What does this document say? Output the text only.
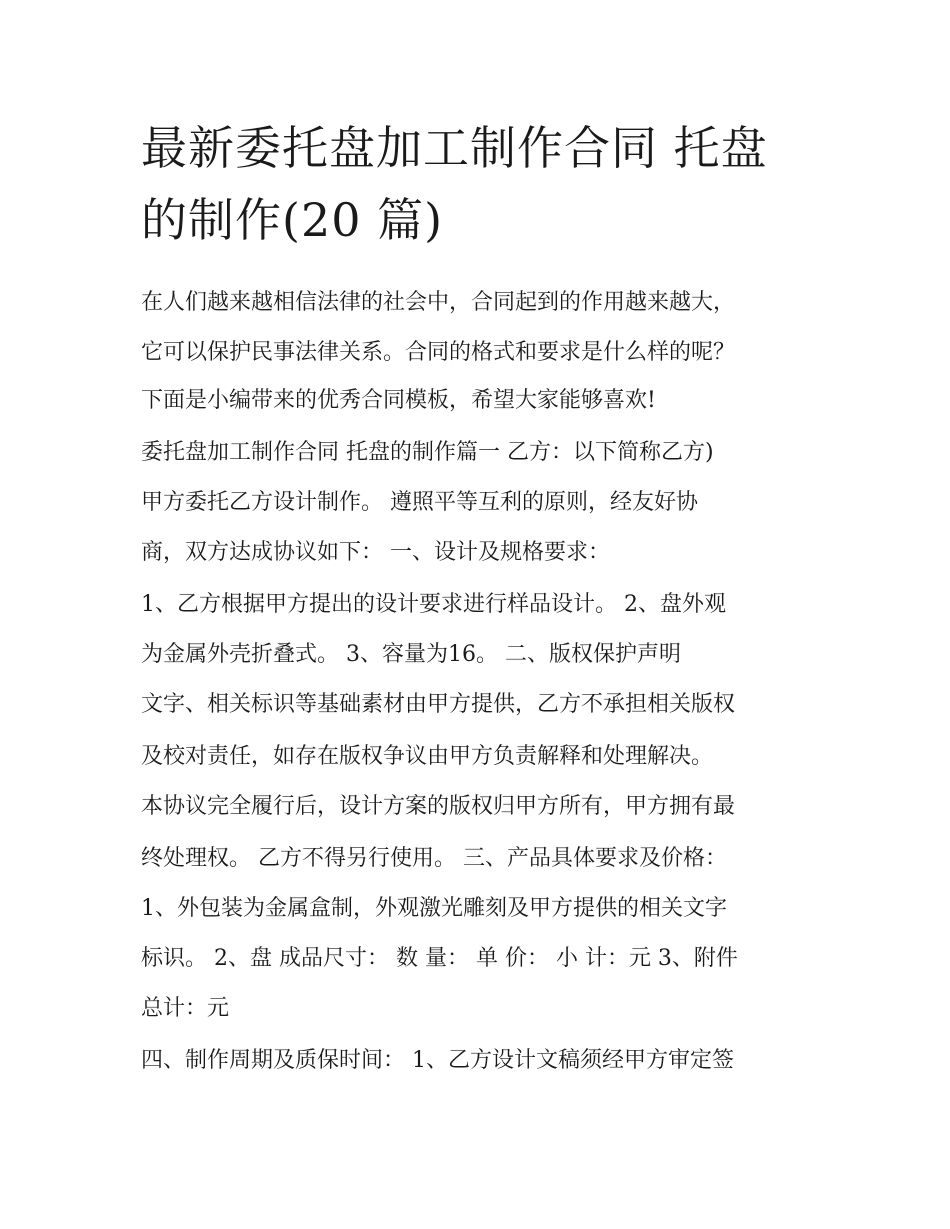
最新委托盘加工制作合同 托盘
的制作(20 篇)
在人们越来越相信法律的社会中，合同起到的作用越来越大，
它可以保护民事法律关系。合同的格式和要求是什么样的呢？
下面是小编带来的优秀合同模板，希望大家能够喜欢!
委托盘加工制作合同 托盘的制作篇一 乙方：以下简称乙方)
甲方委托乙方设计制作。 遵照平等互利的原则，经友好协
商，双方达成协议如下： 一、设计及规格要求：
1、乙方根据甲方提出的设计要求进行样品设计。 2、盘外观
为金属外壳折叠式。 3、容量为16。 二、版权保护声明
文字、相关标识等基础素材由甲方提供，乙方不承担相关版权
及校对责任，如存在版权争议由甲方负责解释和处理解决。
本协议完全履行后，设计方案的版权归甲方所有，甲方拥有最
终处理权。 乙方不得另行使用。 三、产品具体要求及价格：
1、外包装为金属盒制，外观激光雕刻及甲方提供的相关文字
标识。 2、盘 成品尺寸： 数 量： 单 价： 小 计：元 3、附件
总计：元
四、制作周期及质保时间： 1、乙方设计文稿须经甲方审定签
